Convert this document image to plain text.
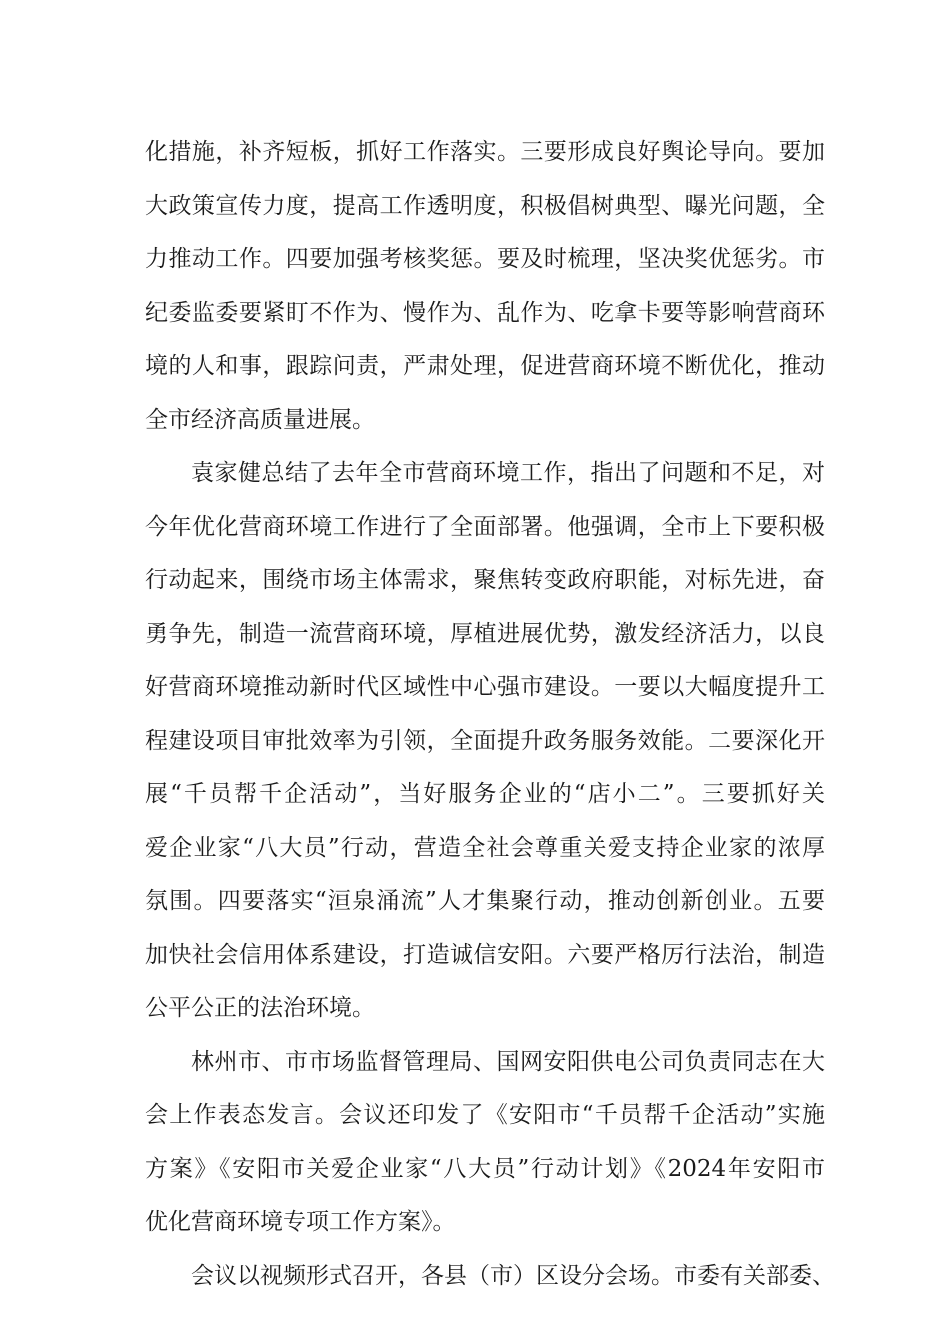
化措施，补齐短板，抓好工作落实。三要形成良好舆论导向。要加
大政策宣传力度，提高工作透明度，积极倡树典型、曝光问题，全
力推动工作。四要加强考核奖惩。要及时梳理，坚决奖优惩劣。市
纪委监委要紧盯不作为、慢作为、乱作为、吃拿卡要等影响营商环
境的人和事，跟踪问责，严肃处理，促进营商环境不断优化，推动
全市经济高质量进展。
袁家健总结了去年全市营商环境工作，指出了问题和不足，对
今年优化营商环境工作进行了全面部署。他强调，全市上下要积极
行动起来，围绕市场主体需求，聚焦转变政府职能，对标先进，奋
勇争先，制造一流营商环境，厚植进展优势，激发经济活力，以良
好营商环境推动新时代区域性中心强市建设。一要以大幅度提升工
程建设项目审批效率为引领，全面提升政务服务效能。二要深化开
展“千员帮千企活动”，当好服务企业的“店小二”。三要抓好关
爱企业家“八大员”行动，营造全社会尊重关爱支持企业家的浓厚
氛围。四要落实“洹泉涌流”人才集聚行动，推动创新创业。五要
加快社会信用体系建设，打造诚信安阳。六要严格厉行法治，制造
公平公正的法治环境。
林州市、市市场监督管理局、国网安阳供电公司负责同志在大
会上作表态发言。会议还印发了《安阳市“千员帮千企活动”实施
方案》《安阳市关爱企业家“八大员”行动计划》《2024年安阳市
优化营商环境专项工作方案》。
会议以视频形式召开，各县（市）区设分会场。市委有关部委、
